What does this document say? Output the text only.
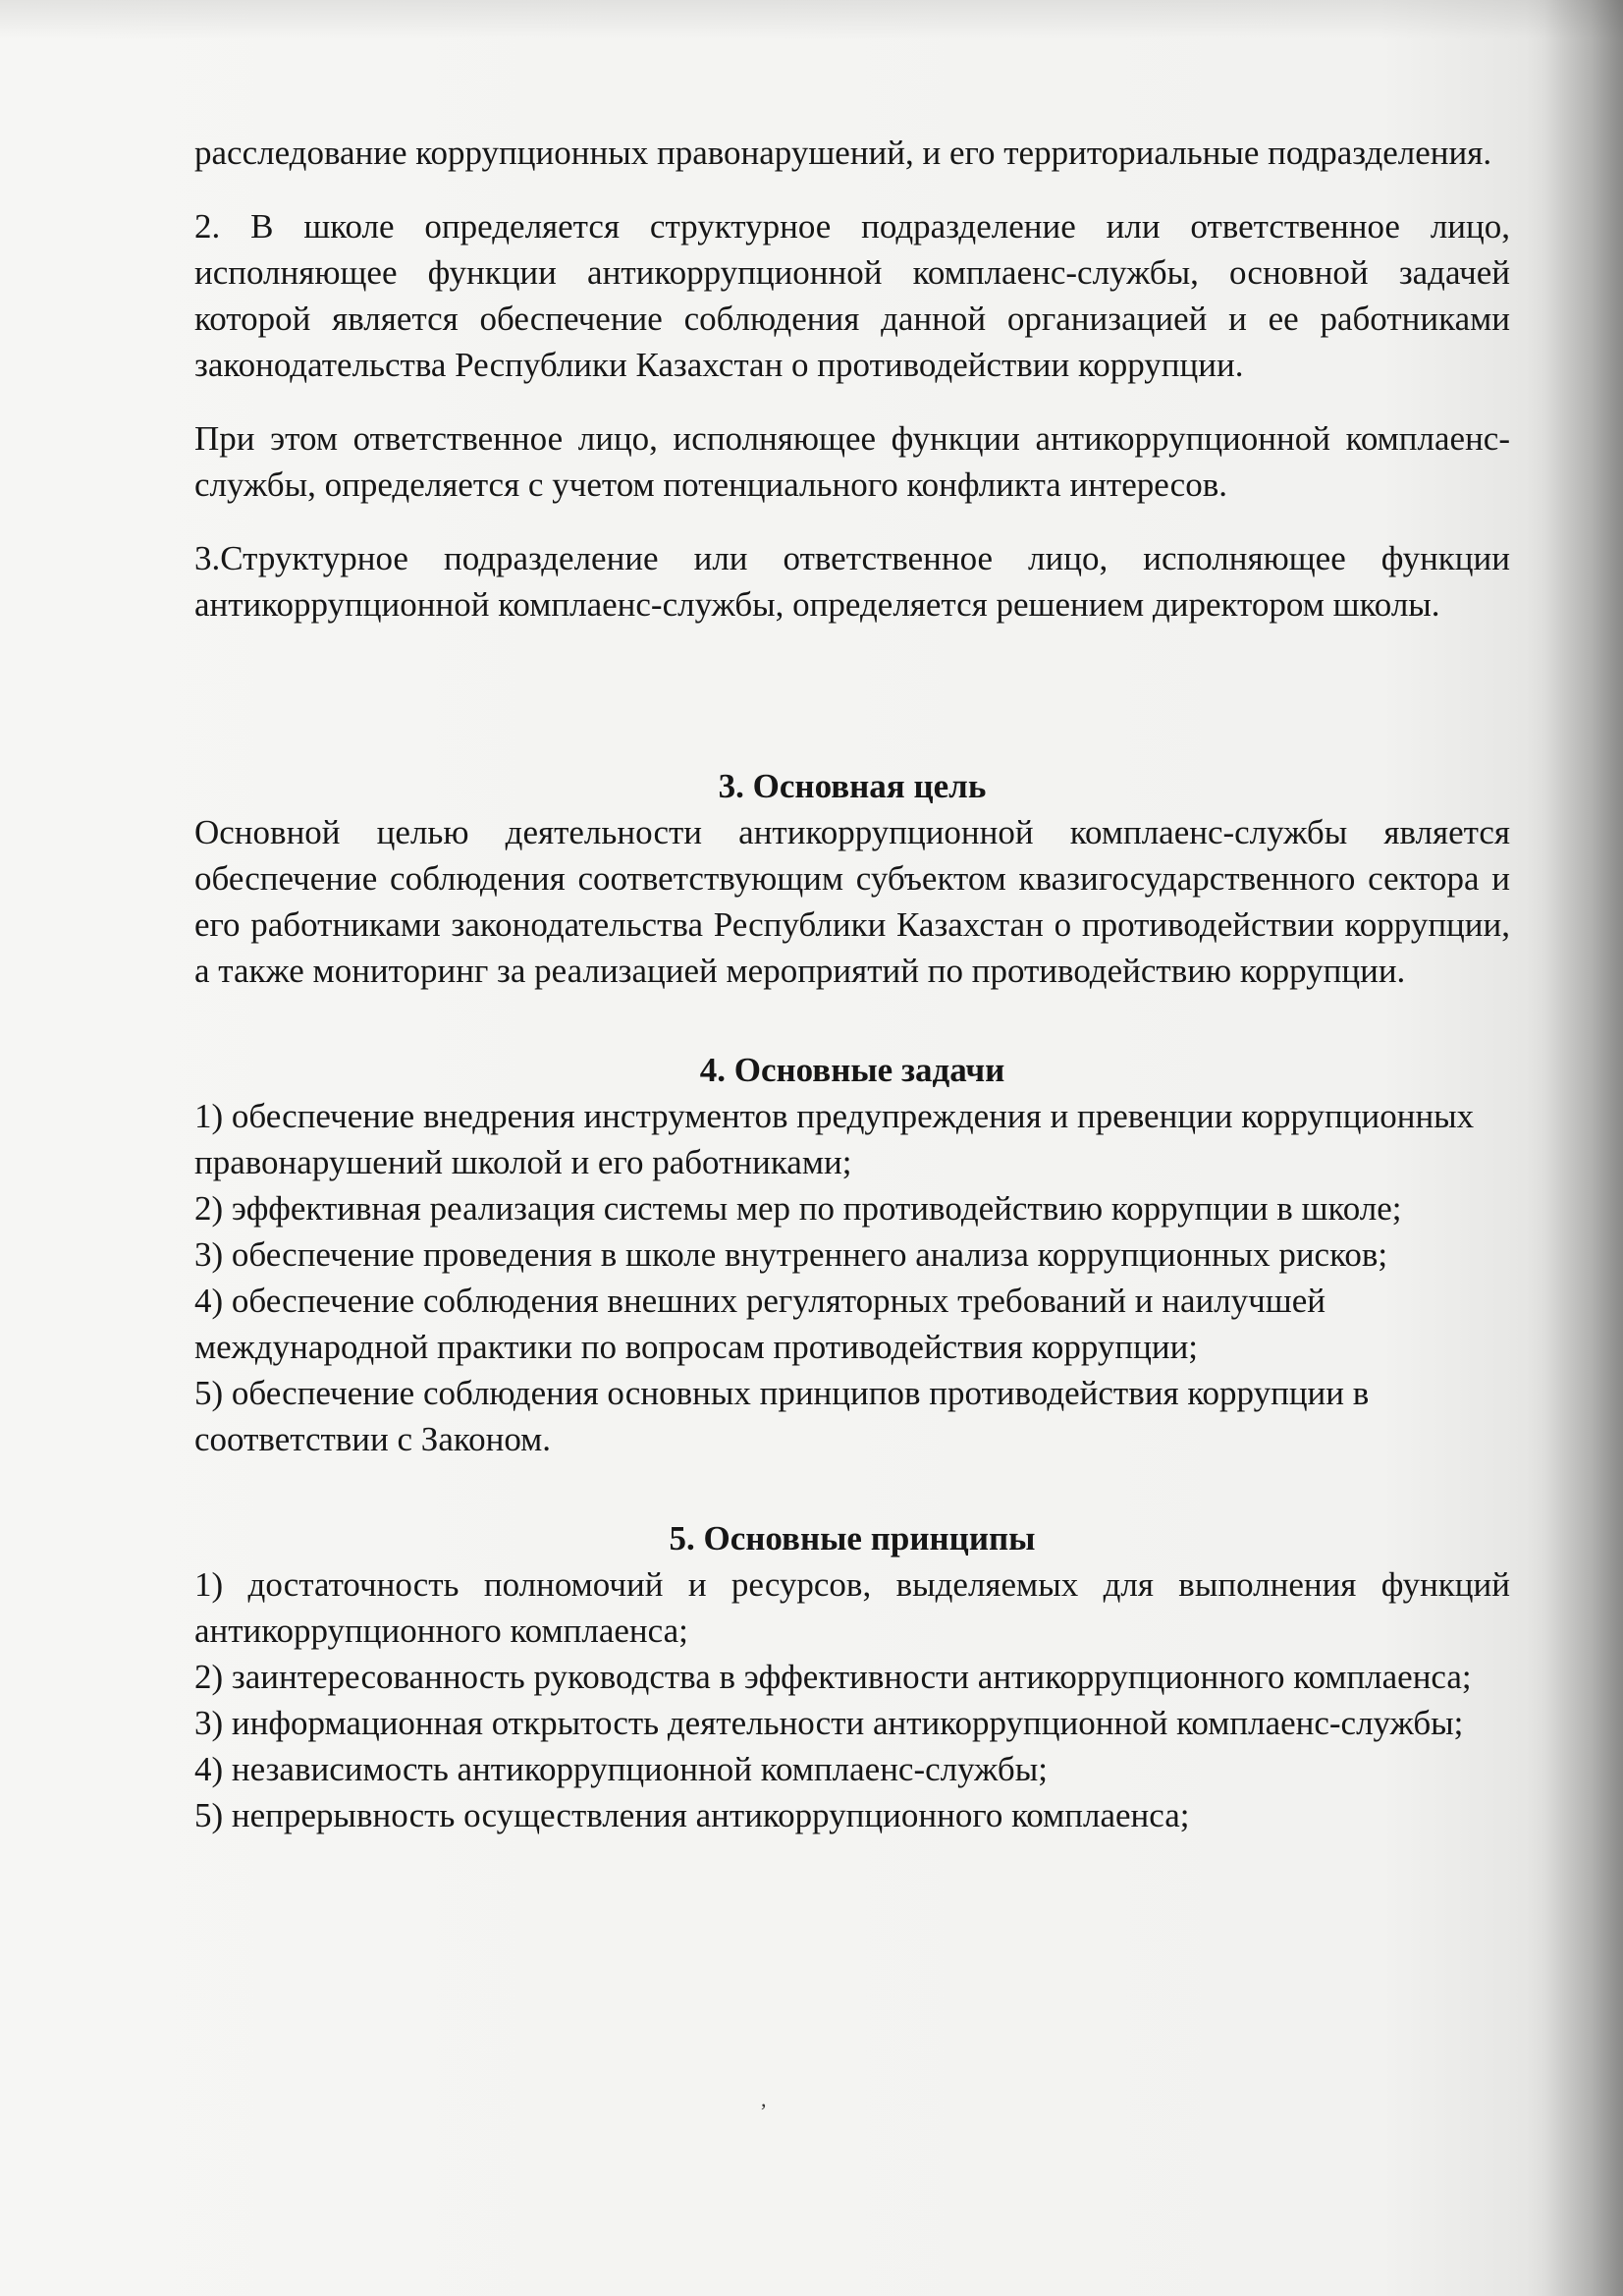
расследование коррупционных правонарушений, и его территориальные подразделения.

2. В школе определяется структурное подразделение или ответственное лицо, исполняющее функции антикоррупционной комплаенс-службы, основной задачей которой является обеспечение соблюдения данной организацией и ее работниками законодательства Республики Казахстан о противодействии коррупции.

При этом ответственное лицо, исполняющее функции антикоррупционной комплаенс-службы, определяется с учетом потенциального конфликта интересов.

3.Структурное подразделение или ответственное лицо, исполняющее функции антикоррупционной комплаенс-службы, определяется решением директором школы.

3. Основная цель

Основной целью деятельности антикоррупционной комплаенс-службы является обеспечение соблюдения соответствующим субъектом квазигосударственного сектора и его работниками законодательства Республики Казахстан о противодействии коррупции, а также мониторинг за реализацией мероприятий по противодействию коррупции.

4. Основные задачи

1) обеспечение внедрения инструментов предупреждения и превенции коррупционных правонарушений школой и его работниками;

2) эффективная реализация системы мер по противодействию коррупции в школе;

3) обеспечение проведения в школе внутреннего анализа коррупционных рисков;

4) обеспечение соблюдения внешних регуляторных требований и наилучшей международной практики по вопросам противодействия коррупции;

5) обеспечение соблюдения основных принципов противодействия коррупции в соответствии с Законом.

5. Основные принципы

1) достаточность полномочий и ресурсов, выделяемых для выполнения функций антикоррупционного комплаенса;

2) заинтересованность руководства в эффективности антикоррупционного комплаенса;

3) информационная открытость деятельности антикоррупционной комплаенс-службы;

4) независимость антикоррупционной комплаенс-службы;

5) непрерывность осуществления антикоррупционного комплаенса;

,
